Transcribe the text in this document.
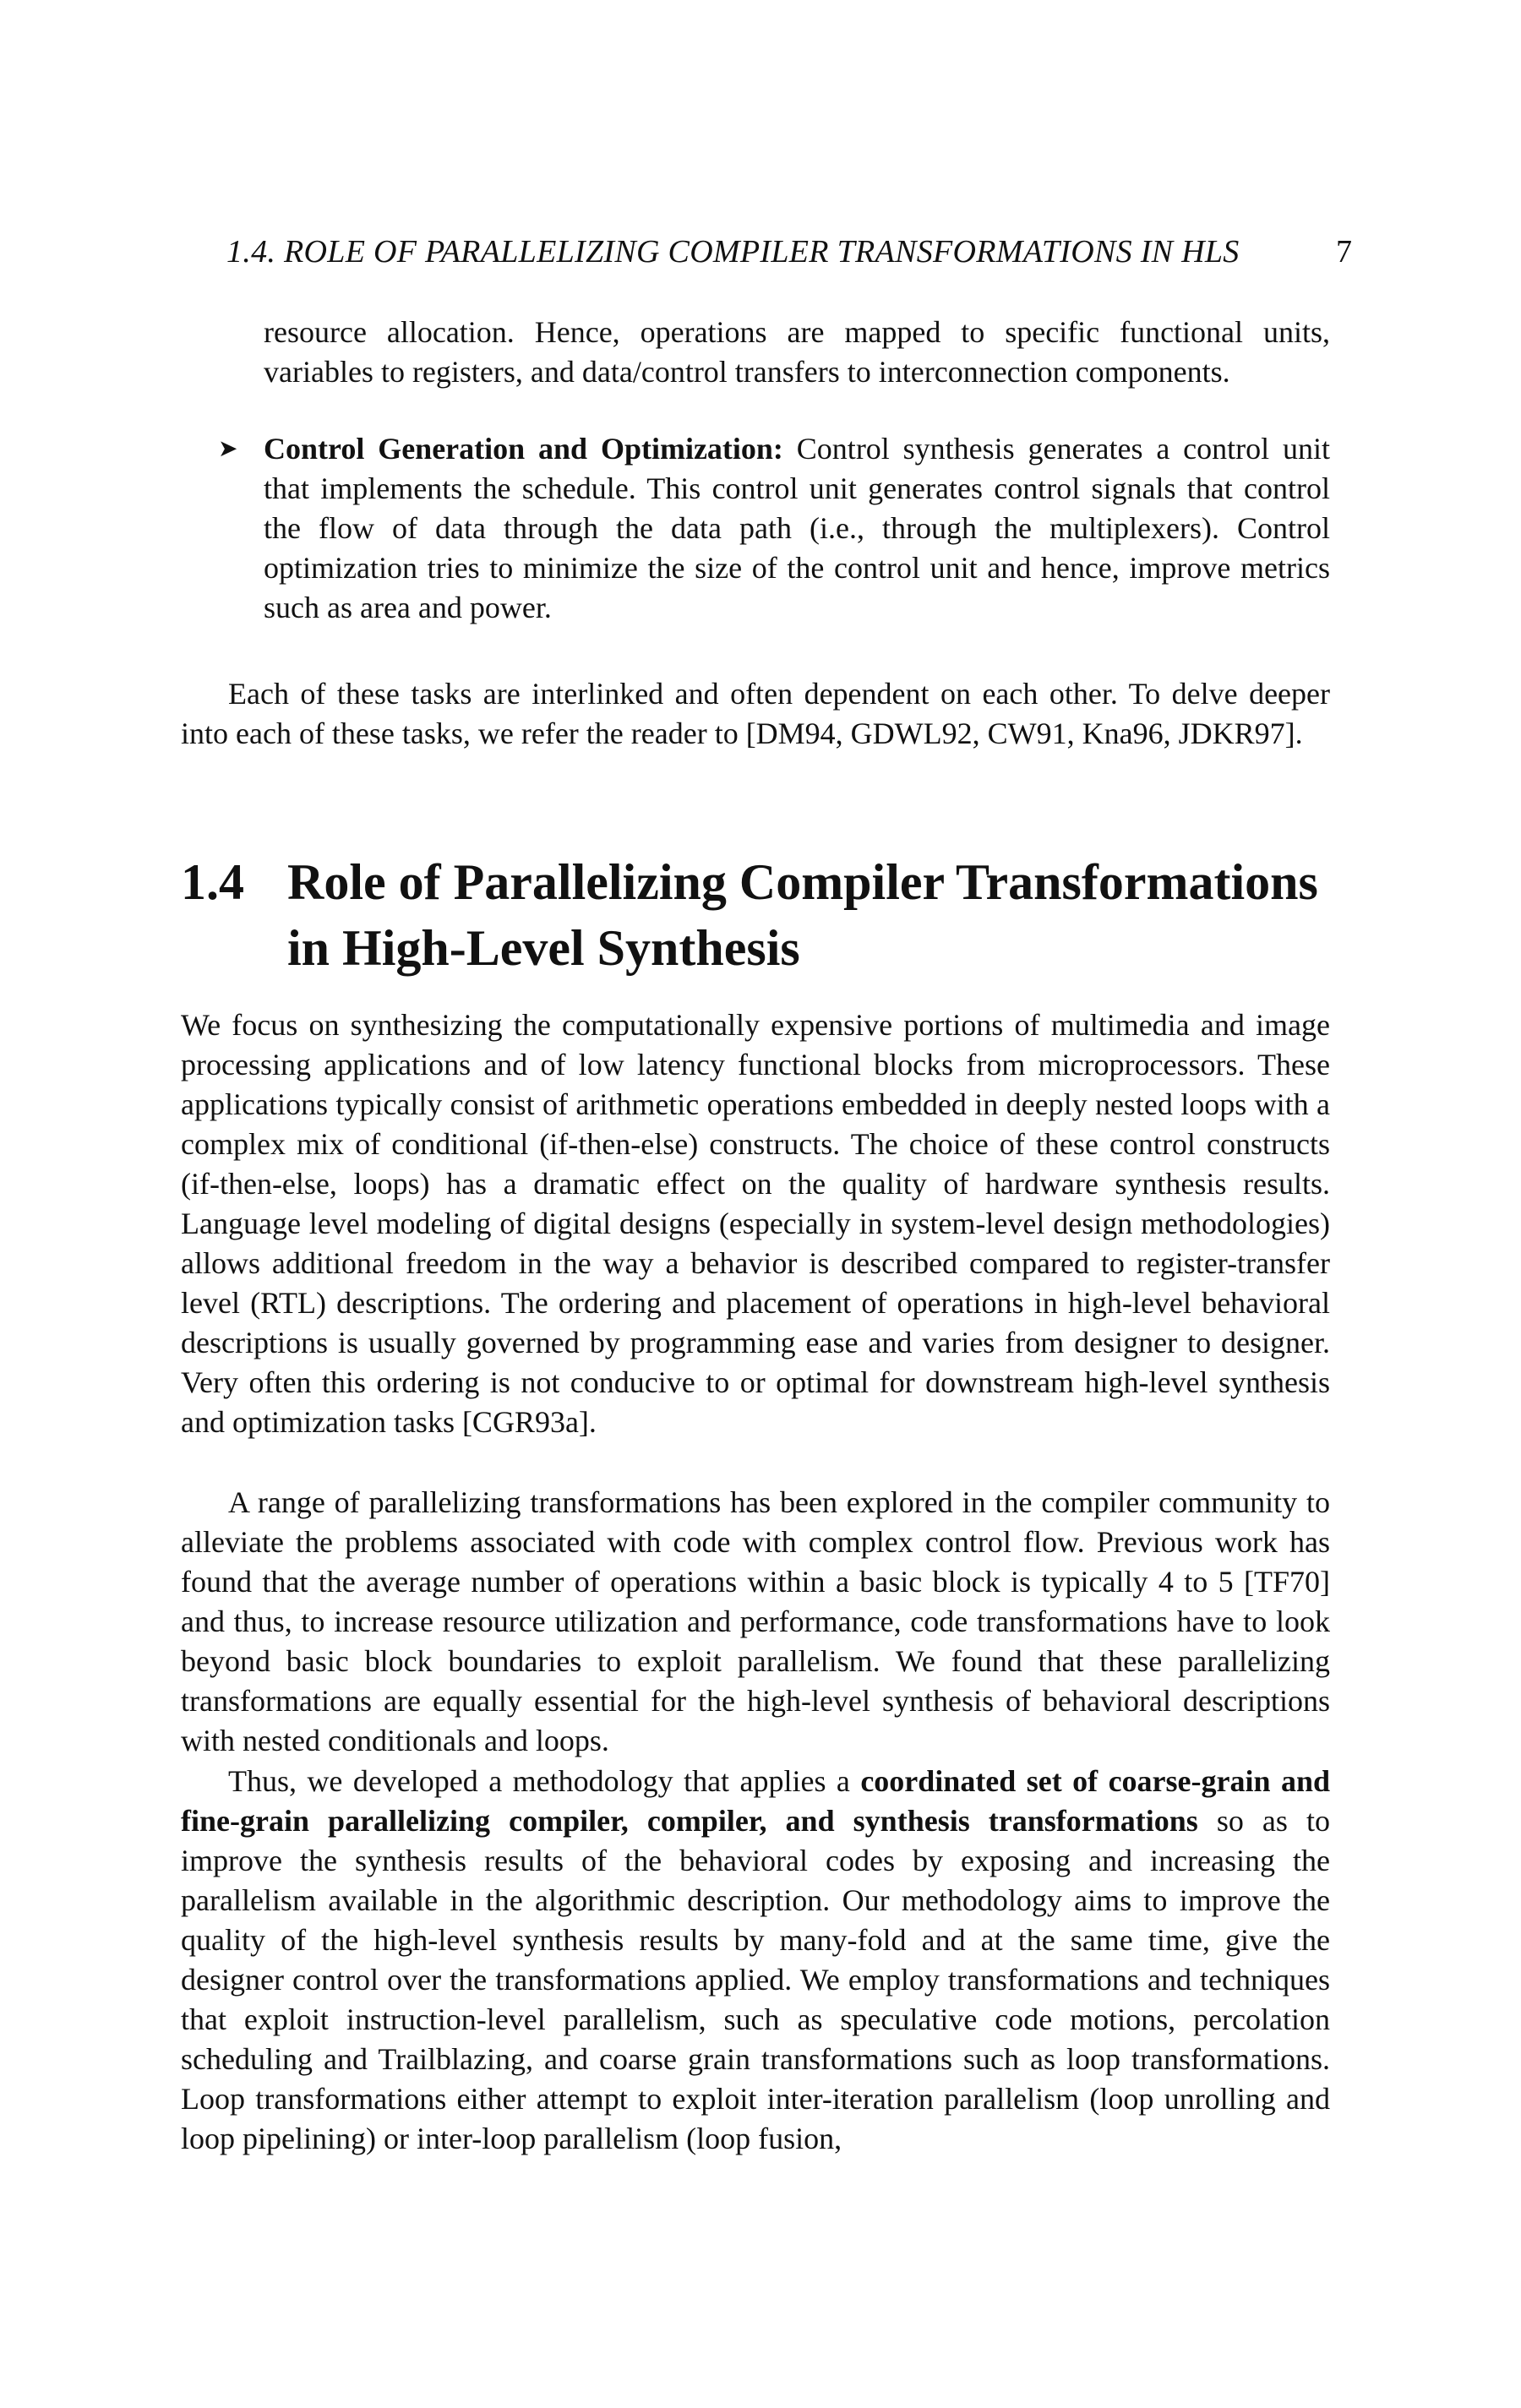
1.4. ROLE OF PARALLELIZING COMPILER TRANSFORMATIONS IN HLS	7

resource allocation. Hence, operations are mapped to specific functional units, variables to registers, and data/control transfers to interconnection components.

➤ Control Generation and Optimization: Control synthesis generates a control unit that implements the schedule. This control unit generates control signals that control the flow of data through the data path (i.e., through the multiplexers). Control optimization tries to minimize the size of the control unit and hence, improve metrics such as area and power.

Each of these tasks are interlinked and often dependent on each other. To delve deeper into each of these tasks, we refer the reader to [DM94, GDWL92, CW91, Kna96, JDKR97].

1.4 Role of Parallelizing Compiler Transformations in High-Level Synthesis

We focus on synthesizing the computationally expensive portions of multimedia and image processing applications and of low latency functional blocks from microprocessors. These applications typically consist of arithmetic operations embedded in deeply nested loops with a complex mix of conditional (if-then-else) constructs. The choice of these control constructs (if-then-else, loops) has a dramatic effect on the quality of hardware synthesis results. Language level modeling of digital designs (especially in system-level design methodologies) allows additional freedom in the way a behavior is described compared to register-transfer level (RTL) descriptions. The ordering and placement of operations in high-level behavioral descriptions is usually governed by programming ease and varies from designer to designer. Very often this ordering is not conducive to or optimal for downstream high-level synthesis and optimization tasks [CGR93a].

A range of parallelizing transformations has been explored in the compiler community to alleviate the problems associated with code with complex control flow. Previous work has found that the average number of operations within a basic block is typically 4 to 5 [TF70] and thus, to increase resource utilization and performance, code transformations have to look beyond basic block boundaries to exploit parallelism. We found that these parallelizing transformations are equally essential for the high-level synthesis of behavioral descriptions with nested conditionals and loops.

Thus, we developed a methodology that applies a coordinated set of coarse-grain and fine-grain parallelizing compiler, compiler, and synthesis transformations so as to improve the synthesis results of the behavioral codes by exposing and increasing the parallelism available in the algorithmic description. Our methodology aims to improve the quality of the high-level synthesis results by many-fold and at the same time, give the designer control over the transformations applied. We employ transformations and techniques that exploit instruction-level parallelism, such as speculative code motions, percolation scheduling and Trailblazing, and coarse grain transformations such as loop transformations. Loop transformations either attempt to exploit inter-iteration parallelism (loop unrolling and loop pipelining) or inter-loop parallelism (loop fusion,
